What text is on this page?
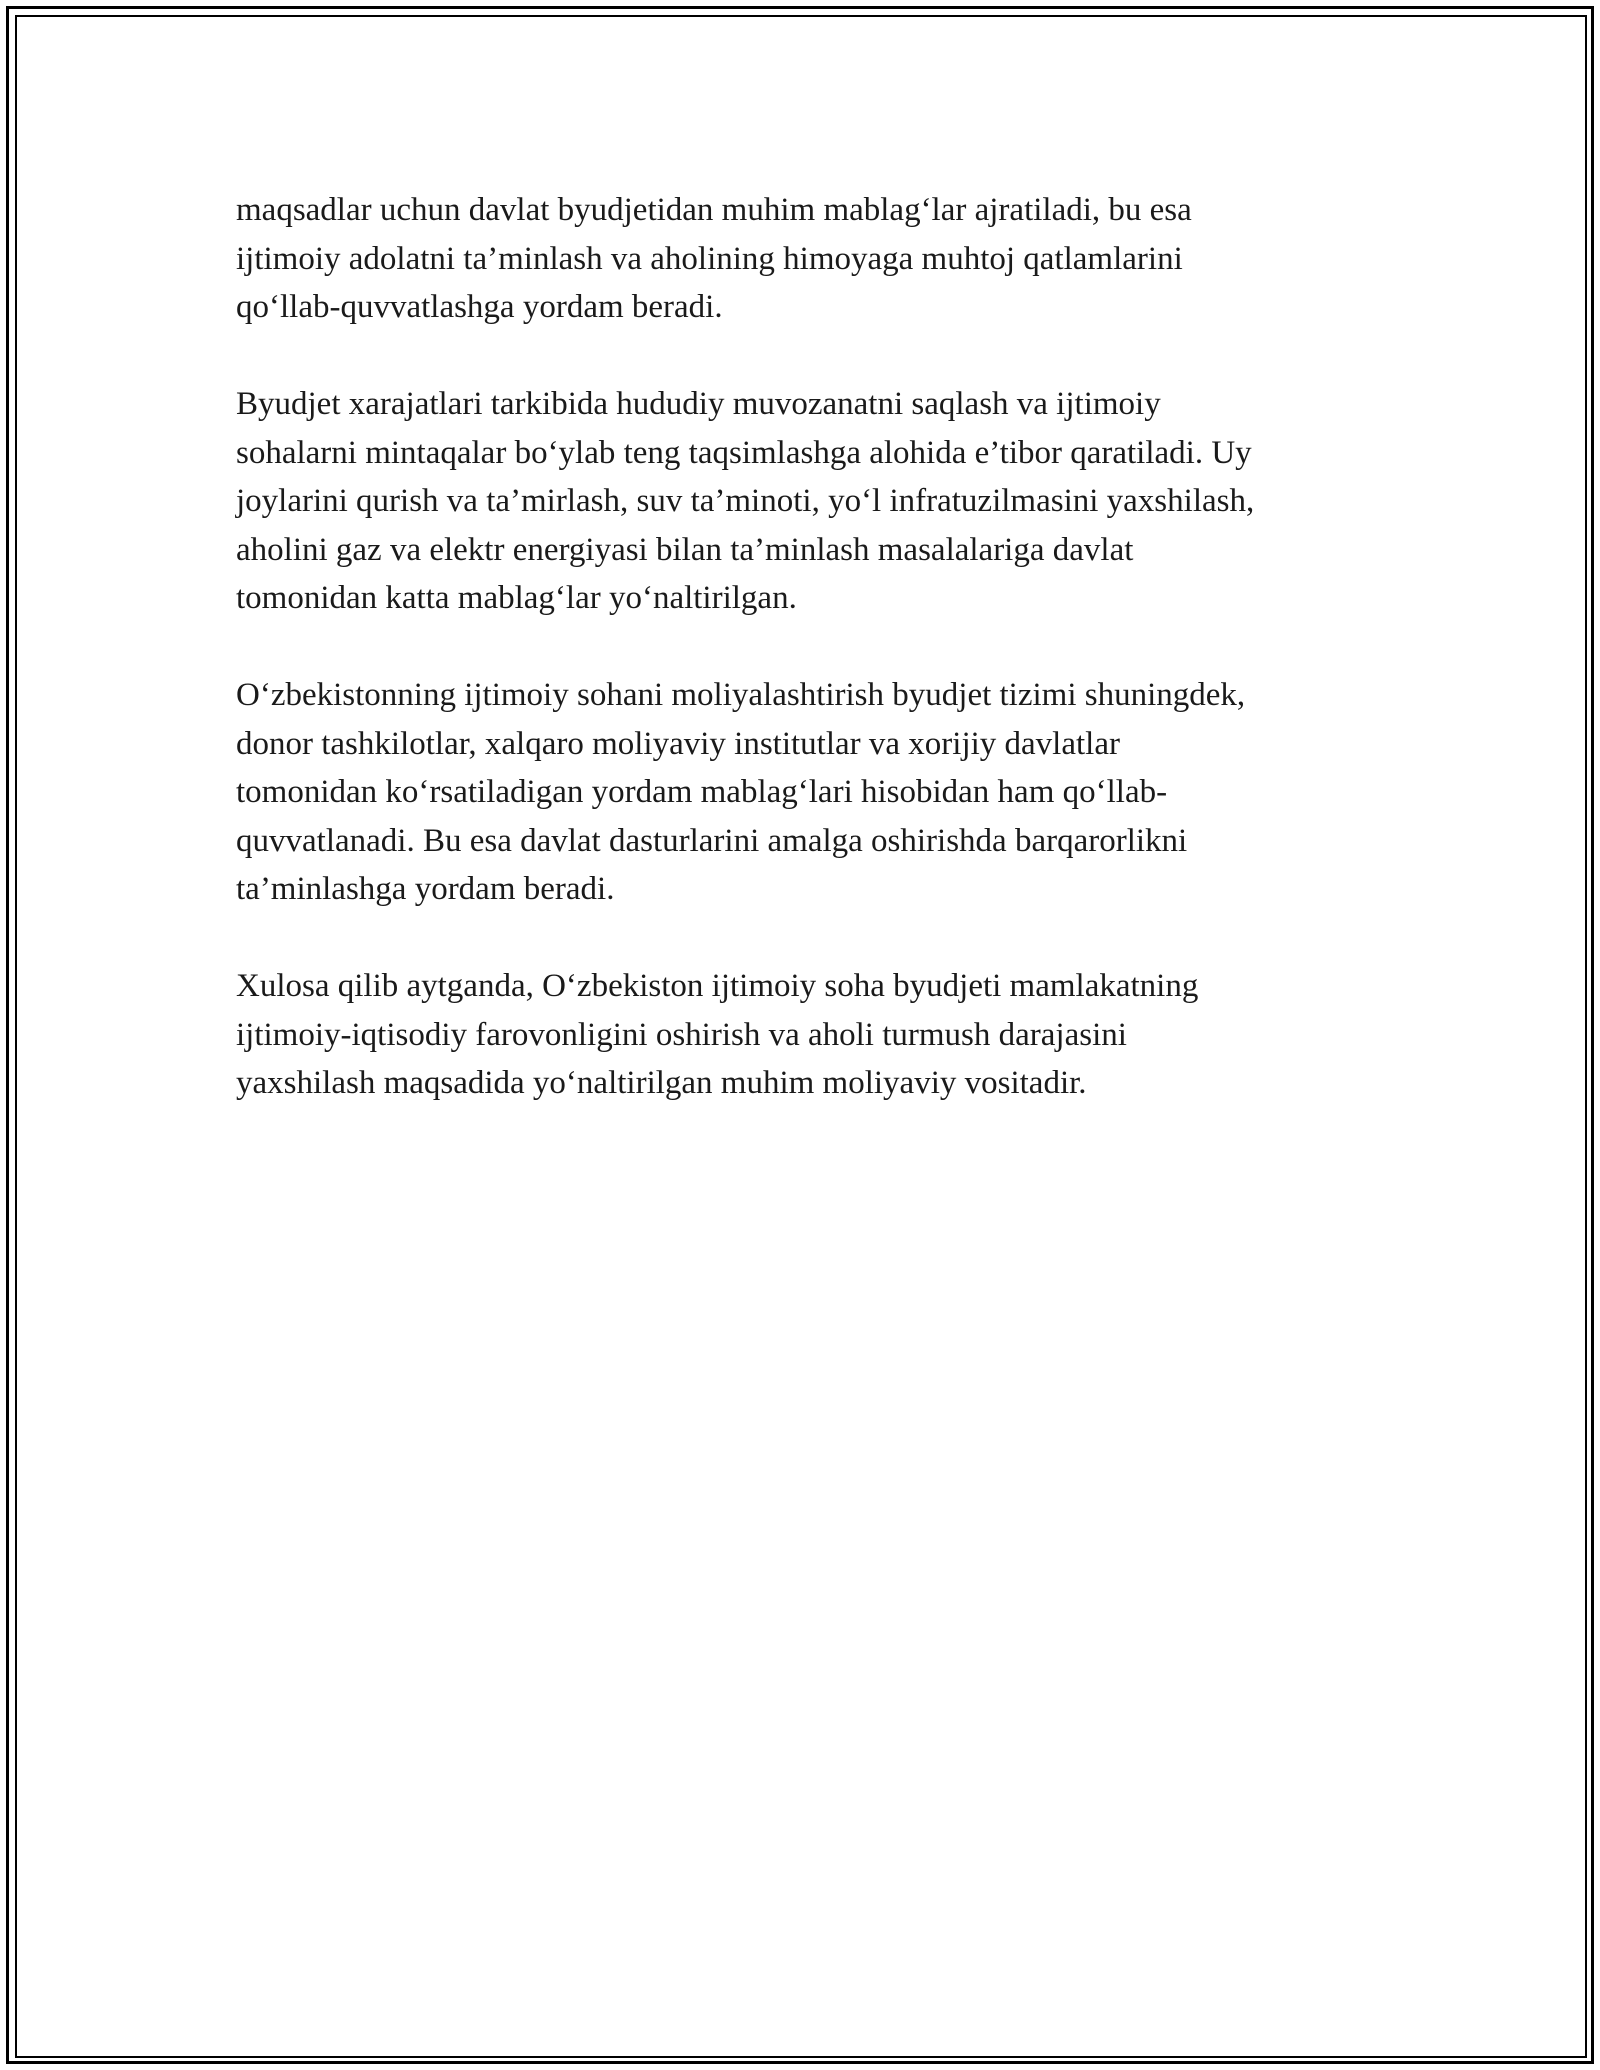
maqsadlar uchun davlat byudjetidan muhim mablag‘lar ajratiladi, bu esa
ijtimoiy adolatni ta’minlash va aholining himoyaga muhtoj qatlamlarini
qo‘llab-quvvatlashga yordam beradi.

Byudjet xarajatlari tarkibida hududiy muvozanatni saqlash va ijtimoiy
sohalarni mintaqalar bo‘ylab teng taqsimlashga alohida e’tibor qaratiladi. Uy
joylarini qurish va ta’mirlash, suv ta’minoti, yo‘l infratuzilmasini yaxshilash,
aholini gaz va elektr energiyasi bilan ta’minlash masalalariga davlat
tomonidan katta mablag‘lar yo‘naltirilgan.

O‘zbekistonning ijtimoiy sohani moliyalashtirish byudjet tizimi shuningdek,
donor tashkilotlar, xalqaro moliyaviy institutlar va xorijiy davlatlar
tomonidan ko‘rsatiladigan yordam mablag‘lari hisobidan ham qo‘llab-
quvvatlanadi. Bu esa davlat dasturlarini amalga oshirishda barqarorlikni
ta’minlashga yordam beradi.

Xulosa qilib aytganda, O‘zbekiston ijtimoiy soha byudjeti mamlakatning
ijtimoiy-iqtisodiy farovonligini oshirish va aholi turmush darajasini
yaxshilash maqsadida yo‘naltirilgan muhim moliyaviy vositadir.
